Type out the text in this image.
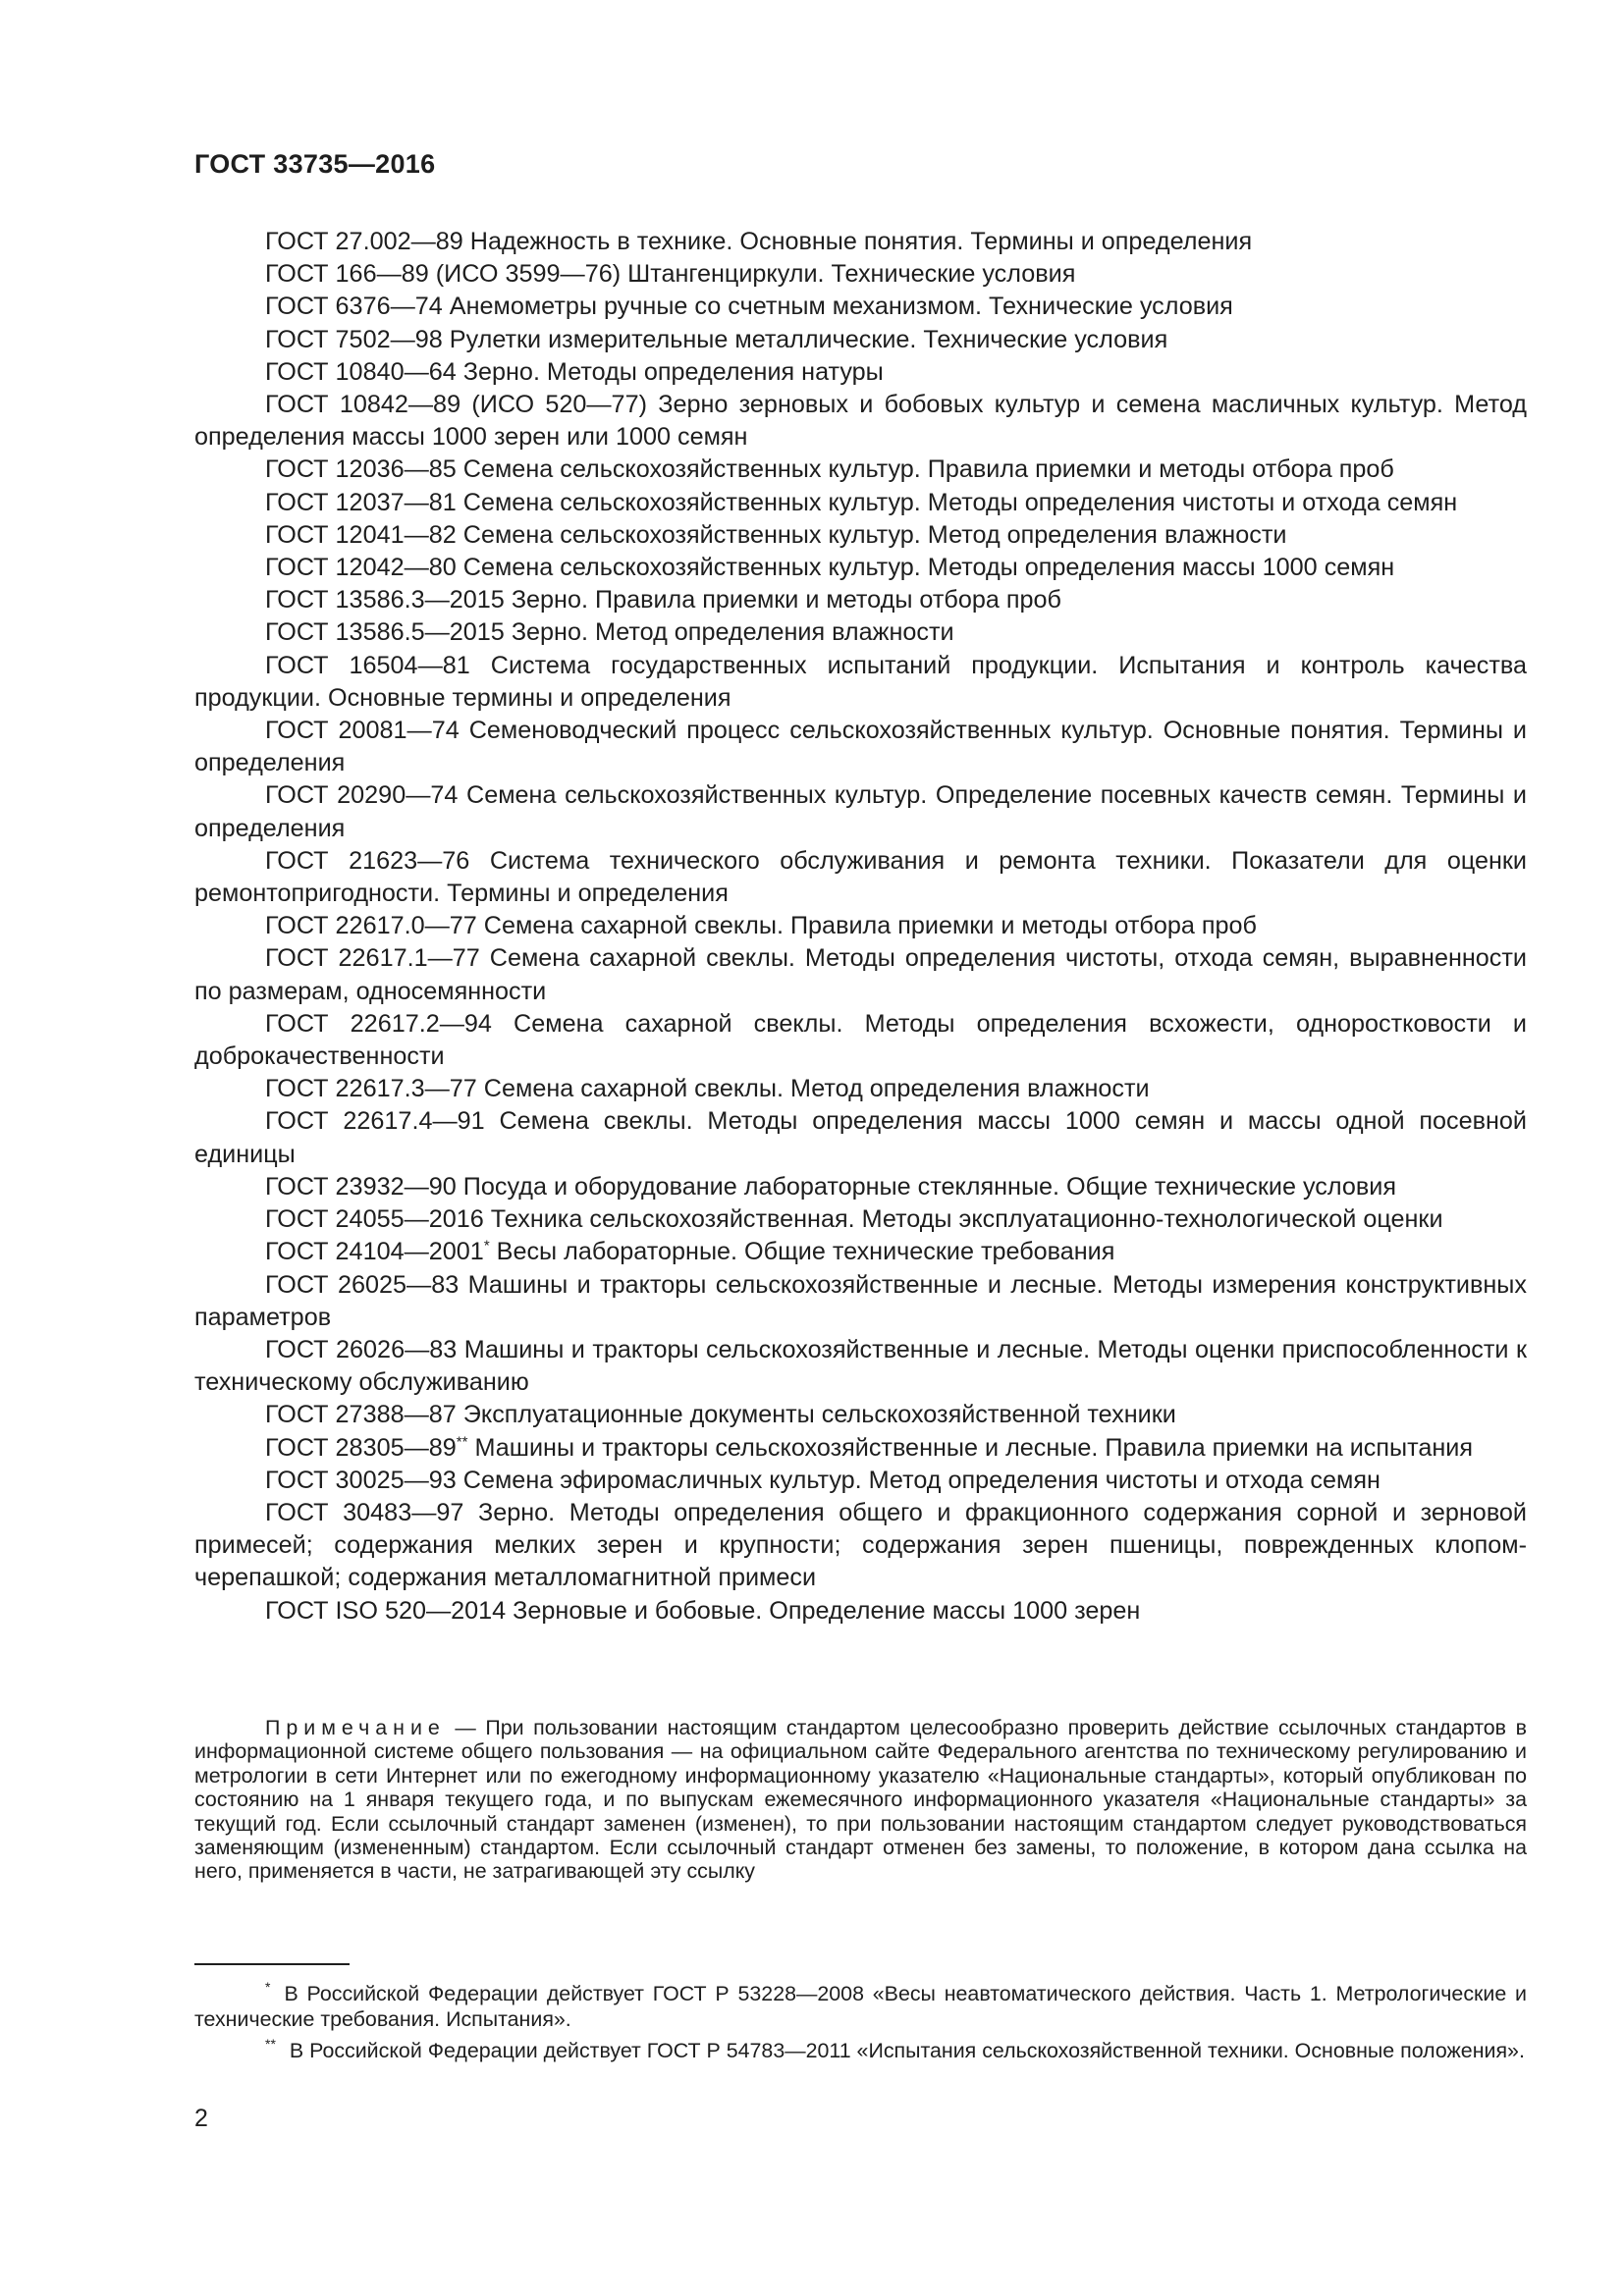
ГОСТ 33735—2016

ГОСТ 27.002—89 Надежность в технике. Основные понятия. Термины и определения

ГОСТ 166—89 (ИСО 3599—76) Штангенциркули. Технические условия

ГОСТ 6376—74 Анемометры ручные со счетным механизмом. Технические условия

ГОСТ 7502—98 Рулетки измерительные металлические. Технические условия

ГОСТ 10840—64 Зерно. Методы определения натуры

ГОСТ 10842—89 (ИСО 520—77) Зерно зерновых и бобовых культур и семена масличных культур. Метод определения массы 1000 зерен или 1000 семян

ГОСТ 12036—85 Семена сельскохозяйственных культур. Правила приемки и методы отбора проб

ГОСТ 12037—81 Семена сельскохозяйственных культур. Методы определения чистоты и отхода семян

ГОСТ 12041—82 Семена сельскохозяйственных культур. Метод определения влажности

ГОСТ 12042—80 Семена сельскохозяйственных культур. Методы определения массы 1000 семян

ГОСТ 13586.3—2015 Зерно. Правила приемки и методы отбора проб

ГОСТ 13586.5—2015 Зерно. Метод определения влажности

ГОСТ 16504—81 Система государственных испытаний продукции. Испытания и контроль качества продукции. Основные термины и определения

ГОСТ 20081—74 Семеноводческий процесс сельскохозяйственных культур. Основные понятия. Термины и определения

ГОСТ 20290—74 Семена сельскохозяйственных культур. Определение посевных качеств семян. Термины и определения

ГОСТ 21623—76 Система технического обслуживания и ремонта техники. Показатели для оценки ремонтопригодности. Термины и определения

ГОСТ 22617.0—77 Семена сахарной свеклы. Правила приемки и методы отбора проб

ГОСТ 22617.1—77 Семена сахарной свеклы. Методы определения чистоты, отхода семян, выравненности по размерам, односемянности

ГОСТ 22617.2—94 Семена сахарной свеклы. Методы определения всхожести, одноростковости и доброкачественности

ГОСТ 22617.3—77 Семена сахарной свеклы. Метод определения влажности

ГОСТ 22617.4—91 Семена свеклы. Методы определения массы 1000 семян и массы одной посевной единицы

ГОСТ 23932—90 Посуда и оборудование лабораторные стеклянные. Общие технические условия

ГОСТ 24055—2016 Техника сельскохозяйственная. Методы эксплуатационно-технологической оценки

ГОСТ 24104—2001* Весы лабораторные. Общие технические требования

ГОСТ 26025—83 Машины и тракторы сельскохозяйственные и лесные. Методы измерения конструктивных параметров

ГОСТ 26026—83 Машины и тракторы сельскохозяйственные и лесные. Методы оценки приспособленности к техническому обслуживанию

ГОСТ 27388—87 Эксплуатационные документы сельскохозяйственной техники

ГОСТ 28305—89** Машины и тракторы сельскохозяйственные и лесные. Правила приемки на испытания

ГОСТ 30025—93 Семена эфиромасличных культур. Метод определения чистоты и отхода семян

ГОСТ 30483—97 Зерно. Методы определения общего и фракционного содержания сорной и зерновой примесей; содержания мелких зерен и крупности; содержания зерен пшеницы, поврежденных клопом-черепашкой; содержания металломагнитной примеси

ГОСТ ISO 520—2014 Зерновые и бобовые. Определение массы 1000 зерен

Примечание — При пользовании настоящим стандартом целесообразно проверить действие ссылочных стандартов в информационной системе общего пользования — на официальном сайте Федерального агентства по техническому регулированию и метрологии в сети Интернет или по ежегодному информационному указателю «Национальные стандарты», который опубликован по состоянию на 1 января текущего года, и по выпускам ежемесячного информационного указателя «Национальные стандарты» за текущий год. Если ссылочный стандарт заменен (изменен), то при пользовании настоящим стандартом следует руководствоваться заменяющим (измененным) стандартом. Если ссылочный стандарт отменен без замены, то положение, в котором дана ссылка на него, применяется в части, не затрагивающей эту ссылку

* В Российской Федерации действует ГОСТ Р 53228—2008 «Весы неавтоматического действия. Часть 1. Метрологические и технические требования. Испытания».

** В Российской Федерации действует ГОСТ Р 54783—2011 «Испытания сельскохозяйственной техники. Основные положения».

2
